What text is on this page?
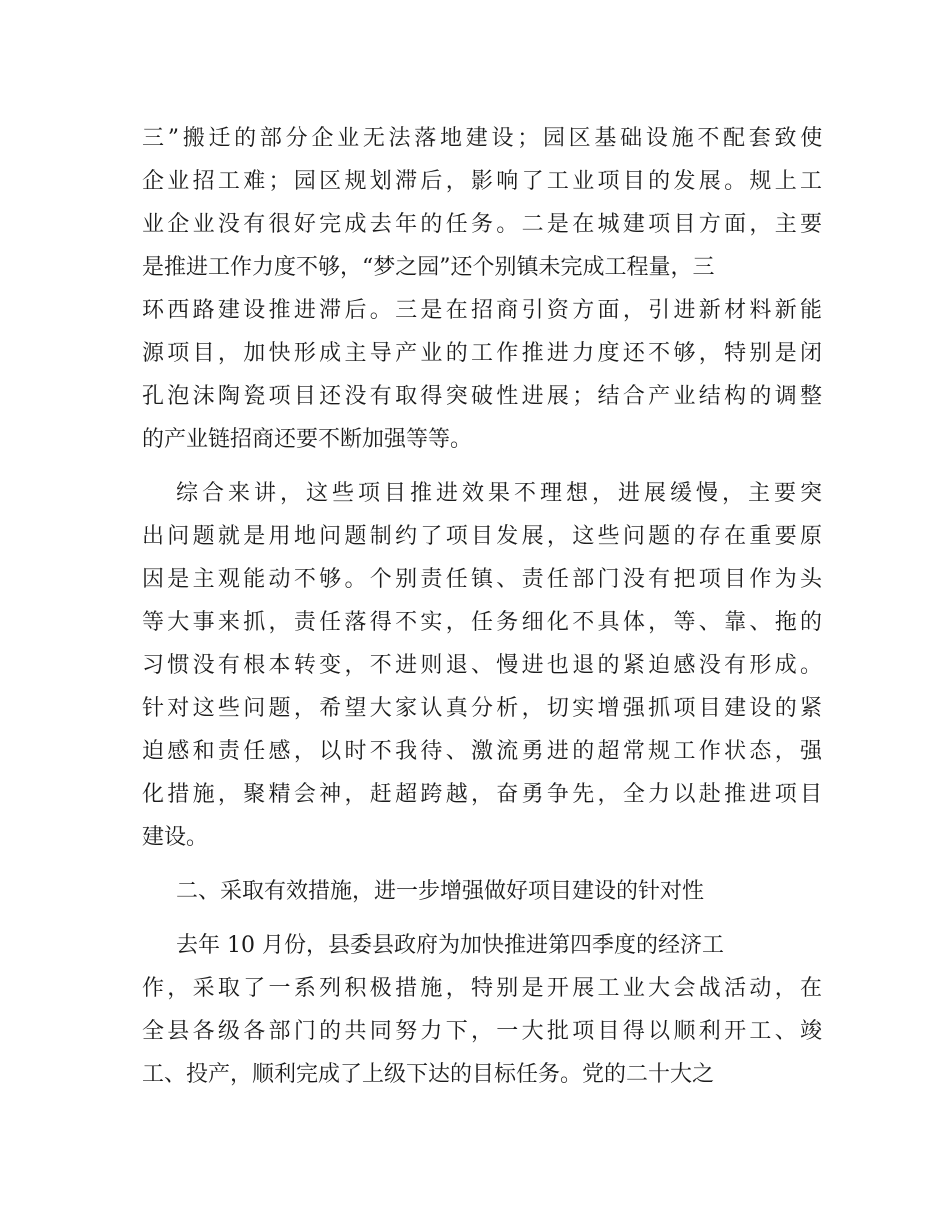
三”搬迁的部分企业无法落地建设；园区基础设施不配套致使
企业招工难；园区规划滞后，影响了工业项目的发展。规上工
业企业没有很好完成去年的任务。二是在城建项目方面，主要
是推进工作力度不够，“梦之园”还个别镇未完成工程量，三
环西路建设推进滞后。三是在招商引资方面，引进新材料新能
源项目，加快形成主导产业的工作推进力度还不够，特别是闭
孔泡沫陶瓷项目还没有取得突破性进展；结合产业结构的调整
的产业链招商还要不断加强等等。
综合来讲，这些项目推进效果不理想，进展缓慢，主要突
出问题就是用地问题制约了项目发展，这些问题的存在重要原
因是主观能动不够。个别责任镇、责任部门没有把项目作为头
等大事来抓，责任落得不实，任务细化不具体，等、靠、拖的
习惯没有根本转变，不进则退、慢进也退的紧迫感没有形成。
针对这些问题，希望大家认真分析，切实增强抓项目建设的紧
迫感和责任感，以时不我待、激流勇进的超常规工作状态，强
化措施，聚精会神，赶超跨越，奋勇争先，全力以赴推进项目
建设。
二、采取有效措施，进一步增强做好项目建设的针对性
去年 10 月份，县委县政府为加快推进第四季度的经济工
作，采取了一系列积极措施，特别是开展工业大会战活动，在
全县各级各部门的共同努力下，一大批项目得以顺利开工、竣
工、投产，顺利完成了上级下达的目标任务。党的二十大之
